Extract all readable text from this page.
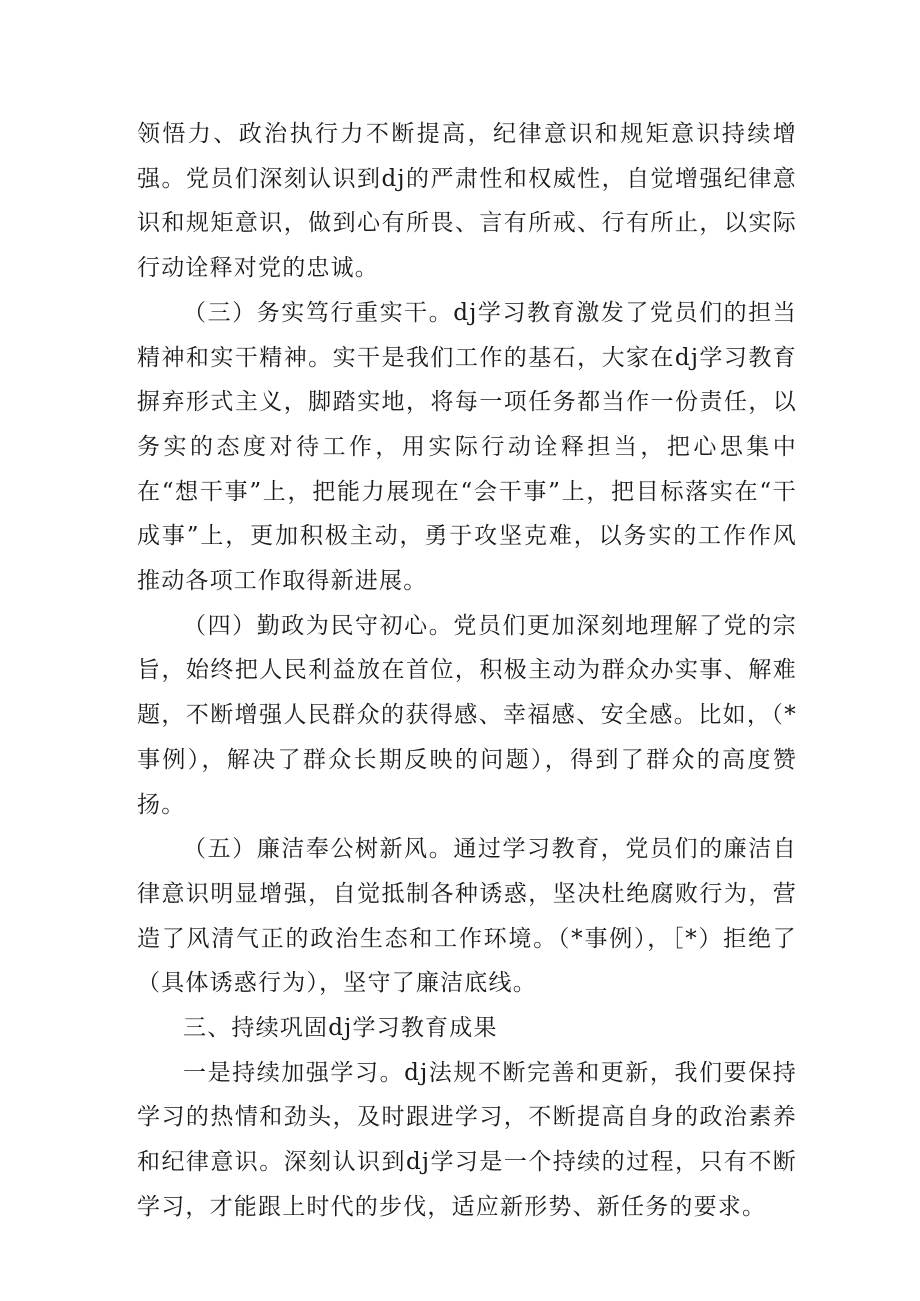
领悟力、政治执行力不断提高，纪律意识和规矩意识持续增强。党员们深刻认识到dj的严肃性和权威性，自觉增强纪律意识和规矩意识，做到心有所畏、言有所戒、行有所止，以实际行动诠释对党的忠诚。

（三）务实笃行重实干。dj学习教育激发了党员们的担当精神和实干精神。实干是我们工作的基石，大家在dj学习教育摒弃形式主义，脚踏实地，将每一项任务都当作一份责任，以务实的态度对待工作，用实际行动诠释担当，把心思集中在“想干事”上，把能力展现在“会干事”上，把目标落实在“干成事”上，更加积极主动，勇于攻坚克难，以务实的工作作风推动各项工作取得新进展。

（四）勤政为民守初心。党员们更加深刻地理解了党的宗旨，始终把人民利益放在首位，积极主动为群众办实事、解难题，不断增强人民群众的获得感、幸福感、安全感。比如，（*事例），解决了群众长期反映的问题），得到了群众的高度赞扬。

（五）廉洁奉公树新风。通过学习教育，党员们的廉洁自律意识明显增强，自觉抵制各种诱惑，坚决杜绝腐败行为，营造了风清气正的政治生态和工作环境。（*事例），［*）拒绝了（具体诱惑行为），坚守了廉洁底线。

三、持续巩固dj学习教育成果

一是持续加强学习。dj法规不断完善和更新，我们要保持学习的热情和劲头，及时跟进学习，不断提高自身的政治素养和纪律意识。深刻认识到dj学习是一个持续的过程，只有不断学习，才能跟上时代的步伐，适应新形势、新任务的要求。
